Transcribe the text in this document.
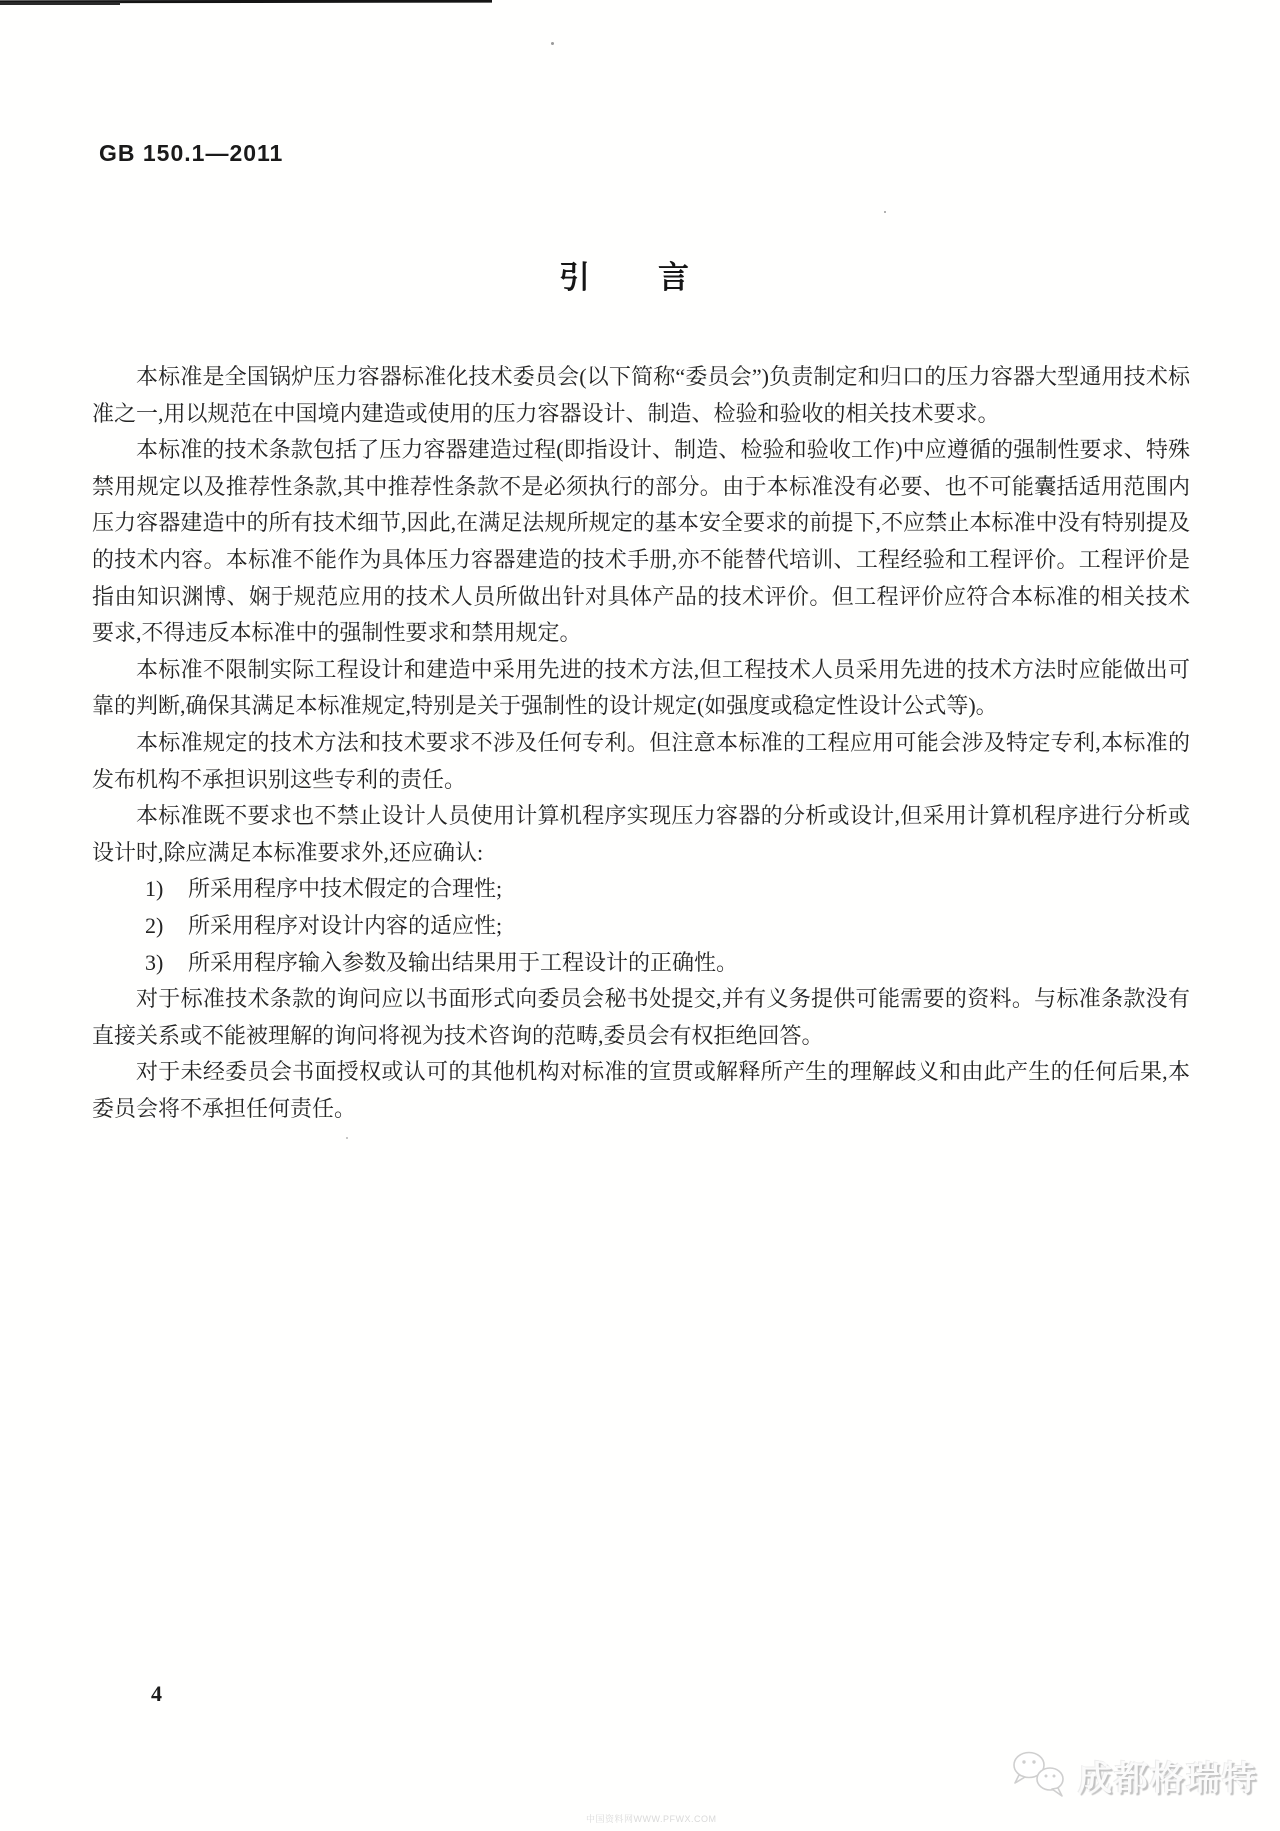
GB 150.1—2011
引　　言

本标准是全国锅炉压力容器标准化技术委员会(以下简称“委员会”)负责制定和归口的压力容器大型通用技术标准之一,用以规范在中国境内建造或使用的压力容器设计、制造、检验和验收的相关技术要求。

本标准的技术条款包括了压力容器建造过程(即指设计、制造、检验和验收工作)中应遵循的强制性要求、特殊禁用规定以及推荐性条款,其中推荐性条款不是必须执行的部分。由于本标准没有必要、也不可能囊括适用范围内压力容器建造中的所有技术细节,因此,在满足法规所规定的基本安全要求的前提下,不应禁止本标准中没有特别提及的技术内容。本标准不能作为具体压力容器建造的技术手册,亦不能替代培训、工程经验和工程评价。工程评价是指由知识渊博、娴于规范应用的技术人员所做出针对具体产品的技术评价。但工程评价应符合本标准的相关技术要求,不得违反本标准中的强制性要求和禁用规定。

本标准不限制实际工程设计和建造中采用先进的技术方法,但工程技术人员采用先进的技术方法时应能做出可靠的判断,确保其满足本标准规定,特别是关于强制性的设计规定(如强度或稳定性设计公式等)。

本标准规定的技术方法和技术要求不涉及任何专利。但注意本标准的工程应用可能会涉及特定专利,本标准的发布机构不承担识别这些专利的责任。

本标准既不要求也不禁止设计人员使用计算机程序实现压力容器的分析或设计,但采用计算机程序进行分析或设计时,除应满足本标准要求外,还应确认:

1) 所采用程序中技术假定的合理性;
2) 所采用程序对设计内容的适应性;
3) 所采用程序输入参数及输出结果用于工程设计的正确性。

对于标准技术条款的询问应以书面形式向委员会秘书处提交,并有义务提供可能需要的资料。与标准条款没有直接关系或不能被理解的询问将视为技术咨询的范畴,委员会有权拒绝回答。

对于未经委员会书面授权或认可的其他机构对标准的宣贯或解释所产生的理解歧义和由此产生的任何后果,本委员会将不承担任何责任。

4
中国资料网WWW.PFWX.COM
成都格瑞特
